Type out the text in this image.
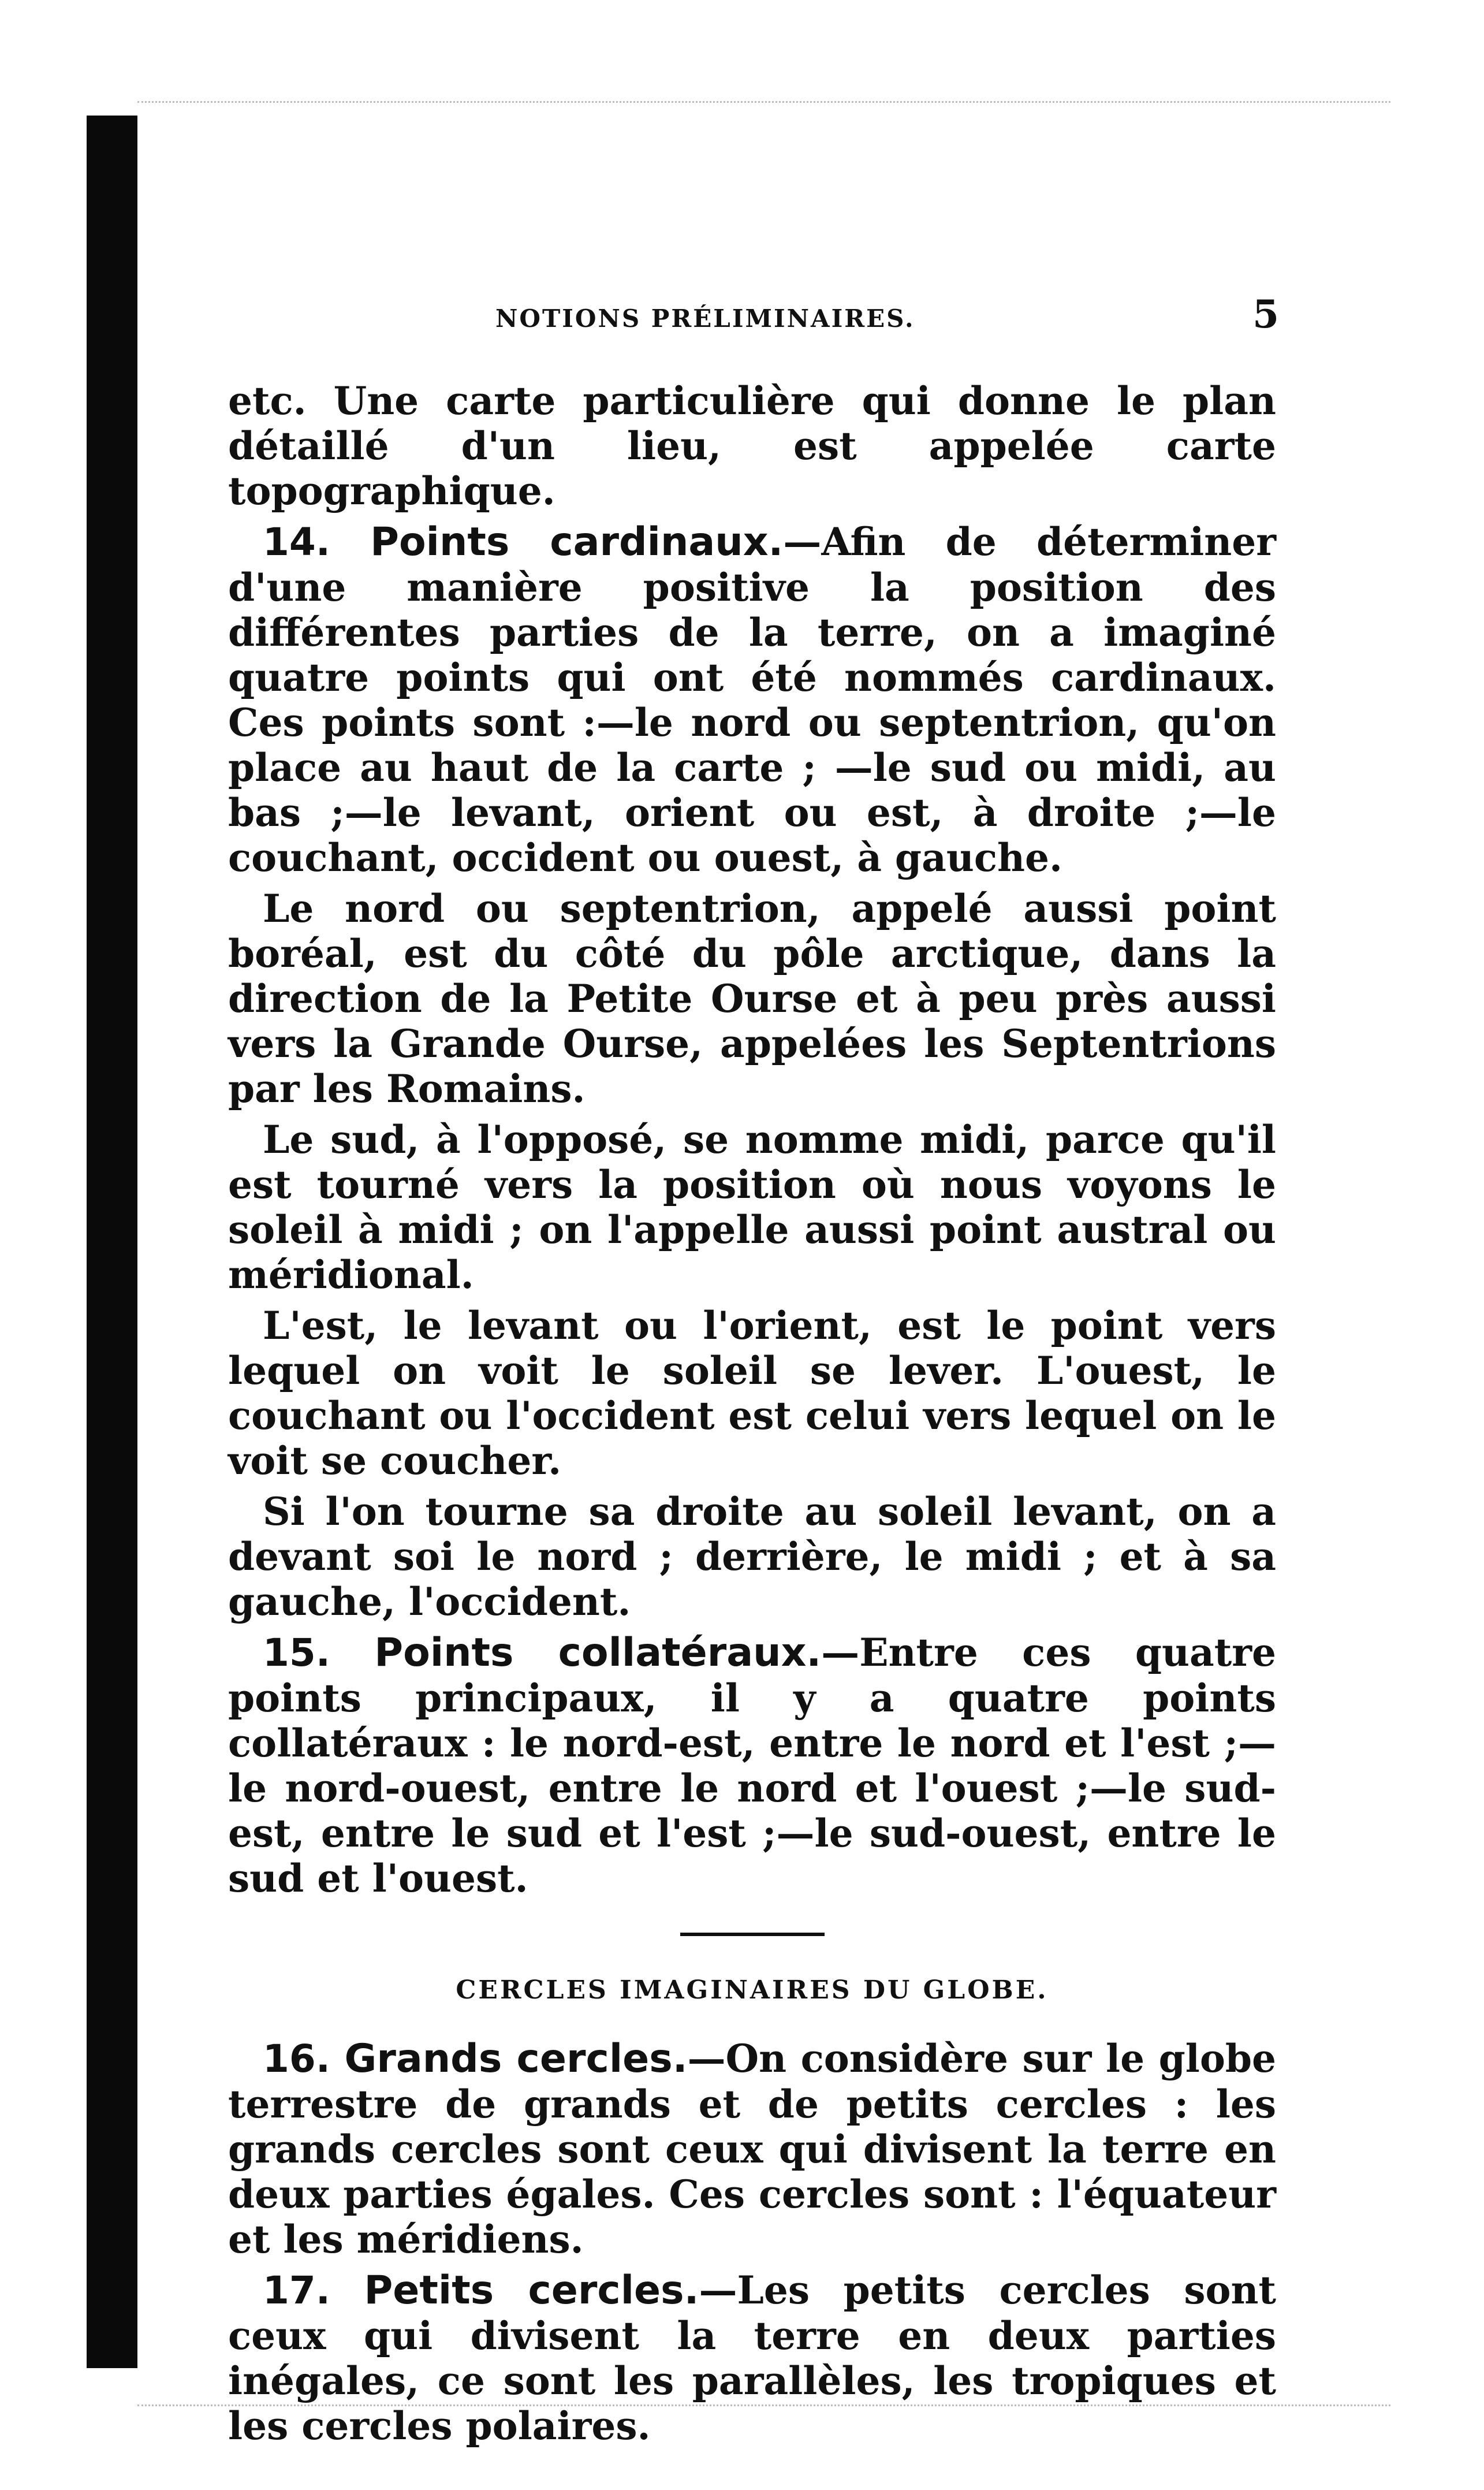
NOTIONS PRÉLIMINAIRES.	5

etc. Une carte particulière qui donne le plan détaillé d'un lieu, est appelée carte topographique.

14. Points cardinaux.—Afin de déterminer d'une manière positive la position des différentes parties de la terre, on a imaginé quatre points qui ont été nommés cardinaux. Ces points sont :—le nord ou septentrion, qu'on place au haut de la carte ; —le sud ou midi, au bas ;—le levant, orient ou est, à droite ;—le couchant, occident ou ouest, à gauche.

Le nord ou septentrion, appelé aussi point boréal, est du côté du pôle arctique, dans la direction de la Petite Ourse et à peu près aussi vers la Grande Ourse, appelées les Septentrions par les Romains.

Le sud, à l'opposé, se nomme midi, parce qu'il est tourné vers la position où nous voyons le soleil à midi ; on l'appelle aussi point austral ou méridional.

L'est, le levant ou l'orient, est le point vers lequel on voit le soleil se lever. L'ouest, le couchant ou l'occident est celui vers lequel on le voit se coucher.

Si l'on tourne sa droite au soleil levant, on a devant soi le nord ; derrière, le midi ; et à sa gauche, l'occident.

15. Points collatéraux.—Entre ces quatre points principaux, il y a quatre points collatéraux : le nord-est, entre le nord et l'est ;—le nord-ouest, entre le nord et l'ouest ;—le sud-est, entre le sud et l'est ;—le sud-ouest, entre le sud et l'ouest.

CERCLES IMAGINAIRES DU GLOBE.

16. Grands cercles.—On considère sur le globe terrestre de grands et de petits cercles : les grands cercles sont ceux qui divisent la terre en deux parties égales. Ces cercles sont : l'équateur et les méridiens.

17. Petits cercles.—Les petits cercles sont ceux qui divisent la terre en deux parties inégales, ce sont les parallèles, les tropiques et les cercles polaires.
